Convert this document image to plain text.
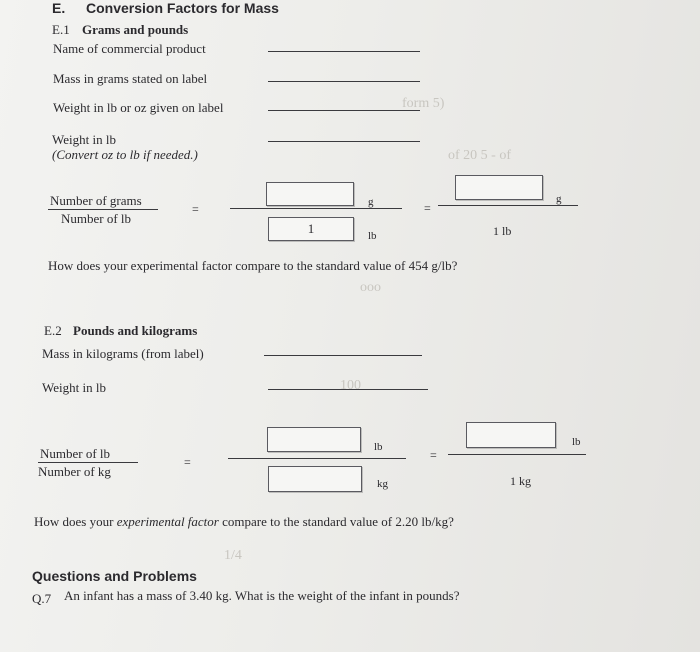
form 5)
of 20 5 - of
ooo
100
1/4
E. Conversion Factors for Mass
E.1 Grams and pounds
Name of commercial product
Mass in grams stated on label
Weight in lb or oz given on label
Weight in lb
(Convert oz to lb if needed.)
Number of grams
Number of lb
=	g
1	lb
=
g
1 lb
How does your experimental factor compare to the standard value of 454 g/lb?
E.2 Pounds and kilograms
Mass in kilograms (from label)
Weight in lb
Number of lb
Number of kg
=
lb
kg
=
lb
1 kg
How does your experimental factor compare to the standard value of 2.20 lb/kg?
Questions and Problems
Q.7 An infant has a mass of 3.40 kg. What is the weight of the infant in pounds?
